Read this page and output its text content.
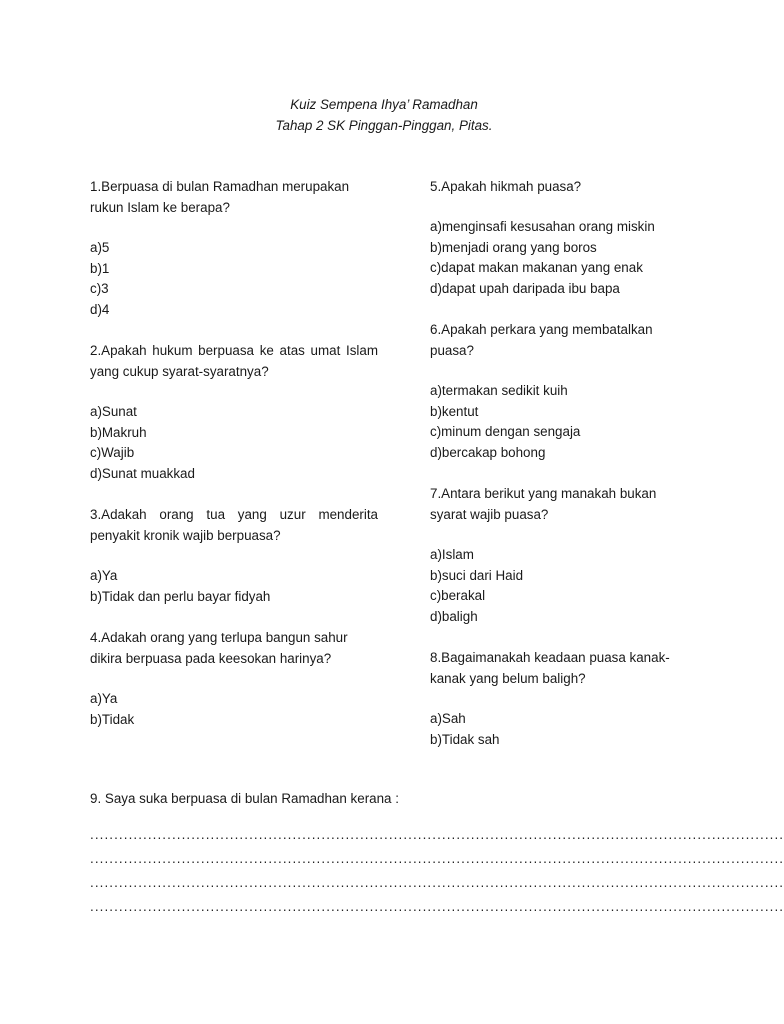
Kuiz Sempena Ihya’ Ramadhan
Tahap 2 SK Pinggan-Pinggan, Pitas.

1.Berpuasa di bulan Ramadhan merupakan rukun Islam ke berapa?

a)5
b)1
c)3
d)4

2.Apakah hukum berpuasa ke atas umat Islam yang cukup syarat-syaratnya?

a)Sunat
b)Makruh
c)Wajib
d)Sunat muakkad

3.Adakah orang tua yang uzur menderita penyakit kronik wajib berpuasa?

a)Ya
b)Tidak dan perlu bayar fidyah

4.Adakah orang yang terlupa bangun sahur dikira berpuasa pada keesokan harinya?

a)Ya
b)Tidak

5.Apakah hikmah puasa?

a)menginsafi kesusahan orang miskin
b)menjadi orang yang boros
c)dapat makan makanan yang enak
d)dapat upah daripada ibu bapa

6.Apakah perkara yang membatalkan puasa?

a)termakan sedikit kuih
b)kentut
c)minum dengan sengaja
d)bercakap bohong

7.Antara berikut yang manakah bukan syarat wajib puasa?

a)Islam
b)suci dari Haid
c)berakal
d)baligh

8.Bagaimanakah keadaan puasa kanak-kanak yang belum baligh?

a)Sah
b)Tidak sah
9. Saya suka berpuasa di bulan Ramadhan kerana :
................................................................................................................................................
................................................................................................................................................
................................................................................................................................................
................................................................................................................................................
